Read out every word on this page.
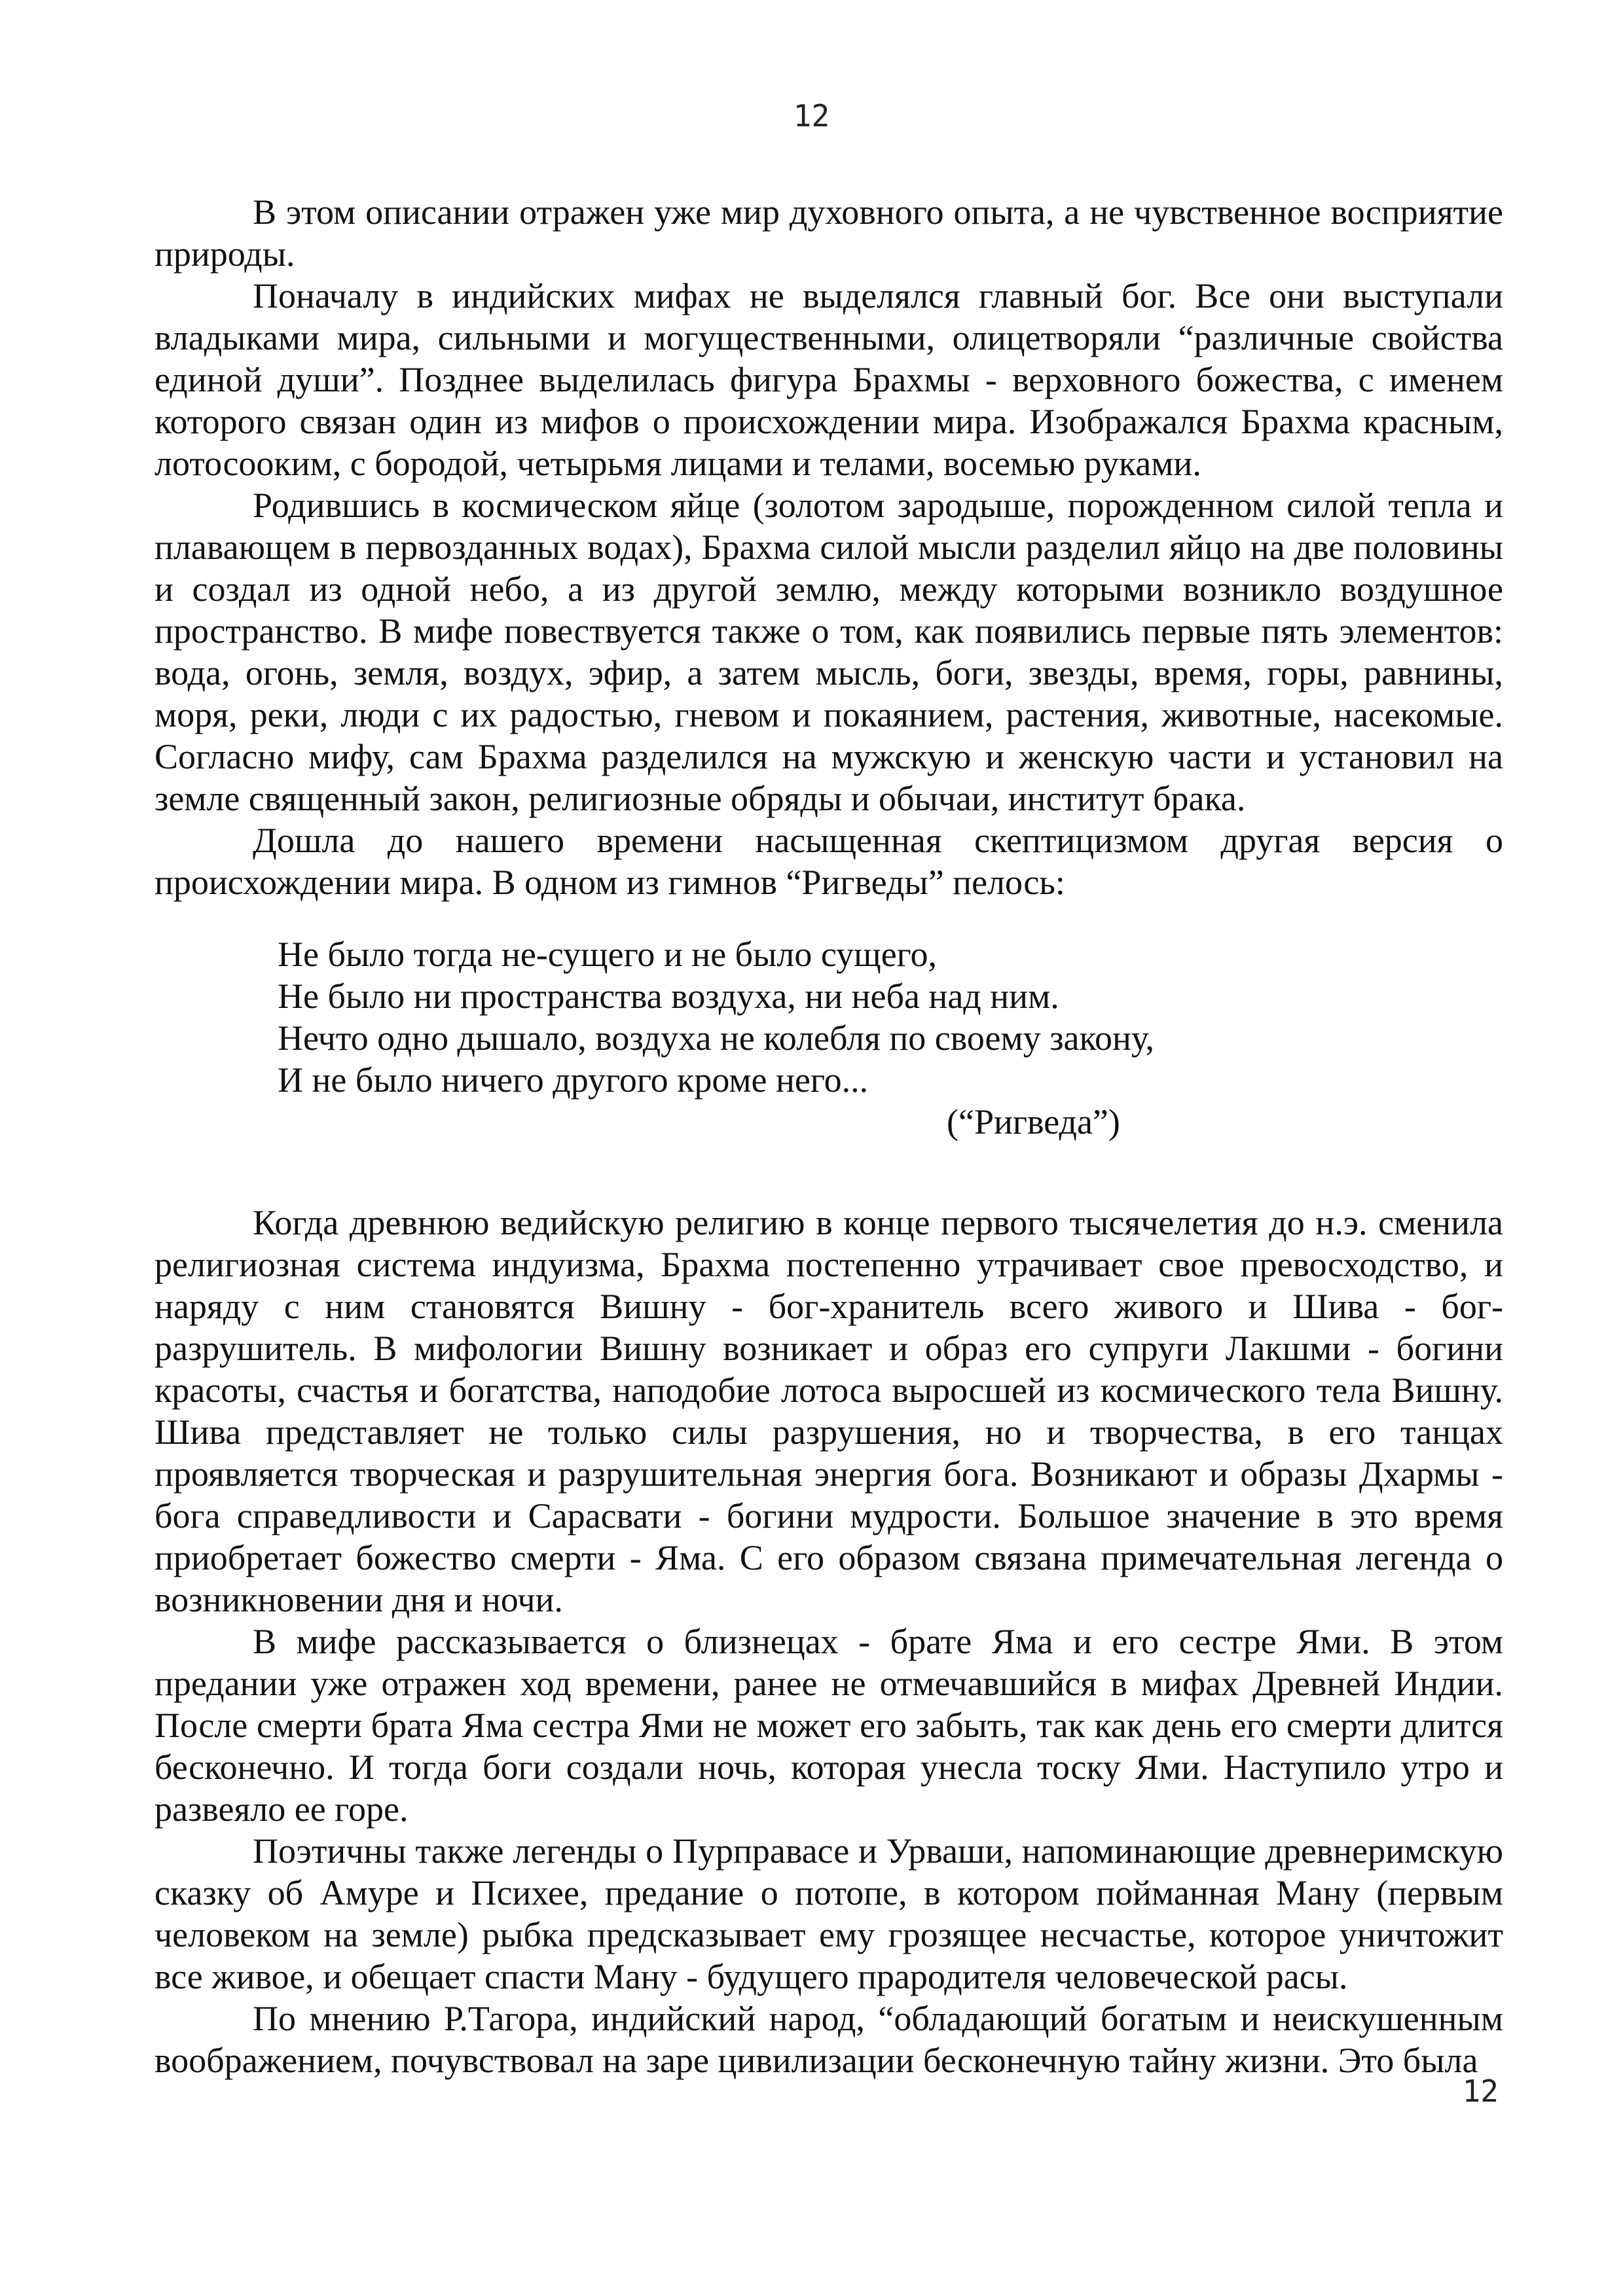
12

В этом описании отражен уже мир духовного опыта, а не чувственное восприятие природы.

Поначалу в индийских мифах не выделялся главный бог. Все они выступали владыками мира, сильными и могущественными, олицетворяли “различные свойства единой души”. Позднее выделилась фигура Брахмы - верховного божества, с именем которого связан один из мифов о происхождении мира. Изображался Брахма красным, лотосооким, с бородой, четырьмя лицами и телами, восемью руками.

Родившись в космическом яйце (золотом зародыше, порожденном силой тепла и плавающем в первозданных водах), Брахма силой мысли разделил яйцо на две половины и создал из одной небо, а из другой землю, между которыми возникло воздушное пространство. В мифе повествуется также о том, как появились первые пять элементов: вода, огонь, земля, воздух, эфир, а затем мысль, боги, звезды, время, горы, равнины, моря, реки, люди с их радостью, гневом и покаянием, растения, животные, насекомые. Согласно мифу, сам Брахма разделился на мужскую и женскую части и установил на земле священный закон, религиозные обряды и обычаи, институт брака.

Дошла до нашего времени насыщенная скептицизмом другая версия о происхождении мира. В одном из гимнов “Ригведы” пелось:

Не было тогда не-сущего и не было сущего,
Не было ни пространства воздуха, ни неба над ним.
Нечто одно дышало, воздуха не колебля по своему закону,
И не было ничего другого кроме него...
(“Ригведа”)

Когда древнюю ведийскую религию в конце первого тысячелетия до н.э. сменила религиозная система индуизма, Брахма постепенно утрачивает свое превосходство, и наряду с ним становятся Вишну - бог-хранитель всего живого и Шива - бог-разрушитель. В мифологии Вишну возникает и образ его супруги Лакшми - богини красоты, счастья и богатства, наподобие лотоса выросшей из космического тела Вишну. Шива представляет не только силы разрушения, но и творчества, в его танцах проявляется творческая и разрушительная энергия бога. Возникают и образы Дхармы - бога справедливости и Сарасвати - богини мудрости. Большое значение в это время приобретает божество смерти - Яма. С его образом связана примечательная легенда о возникновении дня и ночи.

В мифе рассказывается о близнецах - брате Яма и его сестре Ями. В этом предании уже отражен ход времени, ранее не отмечавшийся в мифах Древней Индии. После смерти брата Яма сестра Ями не может его забыть, так как день его смерти длится бесконечно. И тогда боги создали ночь, которая унесла тоску Ями. Наступило утро и развеяло ее горе.

Поэтичны также легенды о Пурправасе и Урваши, напоминающие древнеримскую сказку об Амуре и Психее, предание о потопе, в котором пойманная Ману (первым человеком на земле) рыбка предсказывает ему грозящее несчастье, которое уничтожит все живое, и обещает спасти Ману - будущего прародителя человеческой расы.

По мнению Р.Тагора, индийский народ, “обладающий богатым и неискушенным воображением, почувствовал на заре цивилизации бесконечную тайну жизни. Это была

12
